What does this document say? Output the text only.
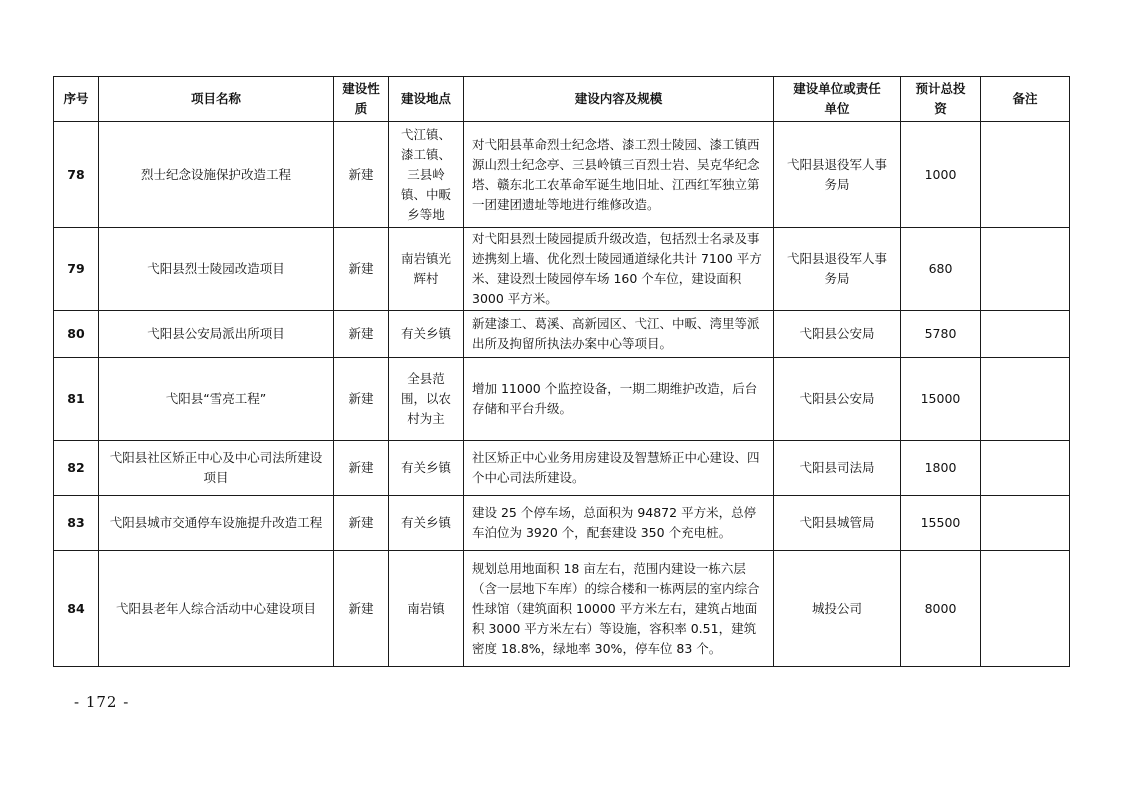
序号	项目名称	建设性质	建设地点	建设内容及规模	建设单位或责任单位	预计总投资	备注
78	烈士纪念设施保护改造工程	新建	弋江镇、漆工镇、三县岭镇、中畈乡等地	对弋阳县革命烈士纪念塔、漆工烈士陵园、漆工镇西源山烈士纪念亭、三县岭镇三百烈士岩、吴克华纪念塔、赣东北工农革命军诞生地旧址、江西红军独立第一团建团遗址等地进行维修改造。	弋阳县退役军人事务局	1000	
79	弋阳县烈士陵园改造项目	新建	南岩镇光辉村	对弋阳县烈士陵园提质升级改造，包括烈士名录及事迹携刻上墙、优化烈士陵园通道绿化共计 7100 平方米、建设烈士陵园停车场 160 个车位，建设面积 3000 平方米。	弋阳县退役军人事务局	680	
80	弋阳县公安局派出所项目	新建	有关乡镇	新建漆工、葛溪、高新园区、弋江、中畈、湾里等派出所及拘留所执法办案中心等项目。	弋阳县公安局	5780	
81	弋阳县“雪亮工程”	新建	全县范围，以农村为主	增加 11000 个监控设备，一期二期维护改造，后台存储和平台升级。	弋阳县公安局	15000	
82	弋阳县社区矫正中心及中心司法所建设项目	新建	有关乡镇	社区矫正中心业务用房建设及智慧矫正中心建设、四个中心司法所建设。	弋阳县司法局	1800	
83	弋阳县城市交通停车设施提升改造工程	新建	有关乡镇	建设 25 个停车场，总面积为 94872 平方米，总停车泊位为 3920 个，配套建设 350 个充电桩。	弋阳县城管局	15500	
84	弋阳县老年人综合活动中心建设项目	新建	南岩镇	规划总用地面积 18 亩左右，范围内建设一栋六层（含一层地下车库）的综合楼和一栋两层的室内综合性球馆（建筑面积 10000 平方米左右，建筑占地面积 3000 平方米左右）等设施，容积率 0.51，建筑密度 18.8%，绿地率 30%，停车位 83 个。	城投公司	8000	
- 172 -
